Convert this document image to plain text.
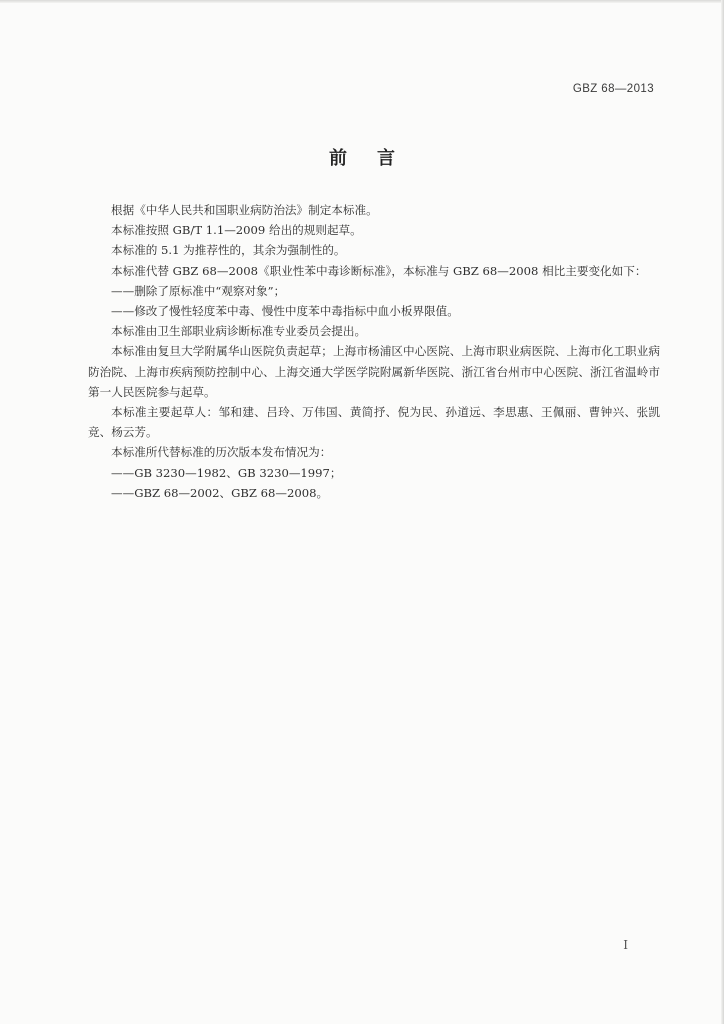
GBZ 68—2013
前言

根据《中华人民共和国职业病防治法》制定本标准。

本标准按照 GB/T 1.1—2009 给出的规则起草。

本标准的 5.1 为推荐性的，其余为强制性的。

本标准代替 GBZ 68—2008《职业性苯中毒诊断标准》，本标准与 GBZ 68—2008 相比主要变化如下：

——删除了原标准中“观察对象”；

——修改了慢性轻度苯中毒、慢性中度苯中毒指标中血小板界限值。

本标准由卫生部职业病诊断标准专业委员会提出。

本标准由复旦大学附属华山医院负责起草；上海市杨浦区中心医院、上海市职业病医院、上海市化工职业病防治院、上海市疾病预防控制中心、上海交通大学医学院附属新华医院、浙江省台州市中心医院、浙江省温岭市第一人民医院参与起草。

本标准主要起草人：邹和建、吕玲、万伟国、黄简抒、倪为民、孙道远、李思惠、王佩丽、曹钟兴、张凯竞、杨云芳。

本标准所代替标准的历次版本发布情况为：

——GB 3230—1982、GB 3230—1997；

——GBZ 68—2002、GBZ 68—2008。

I
